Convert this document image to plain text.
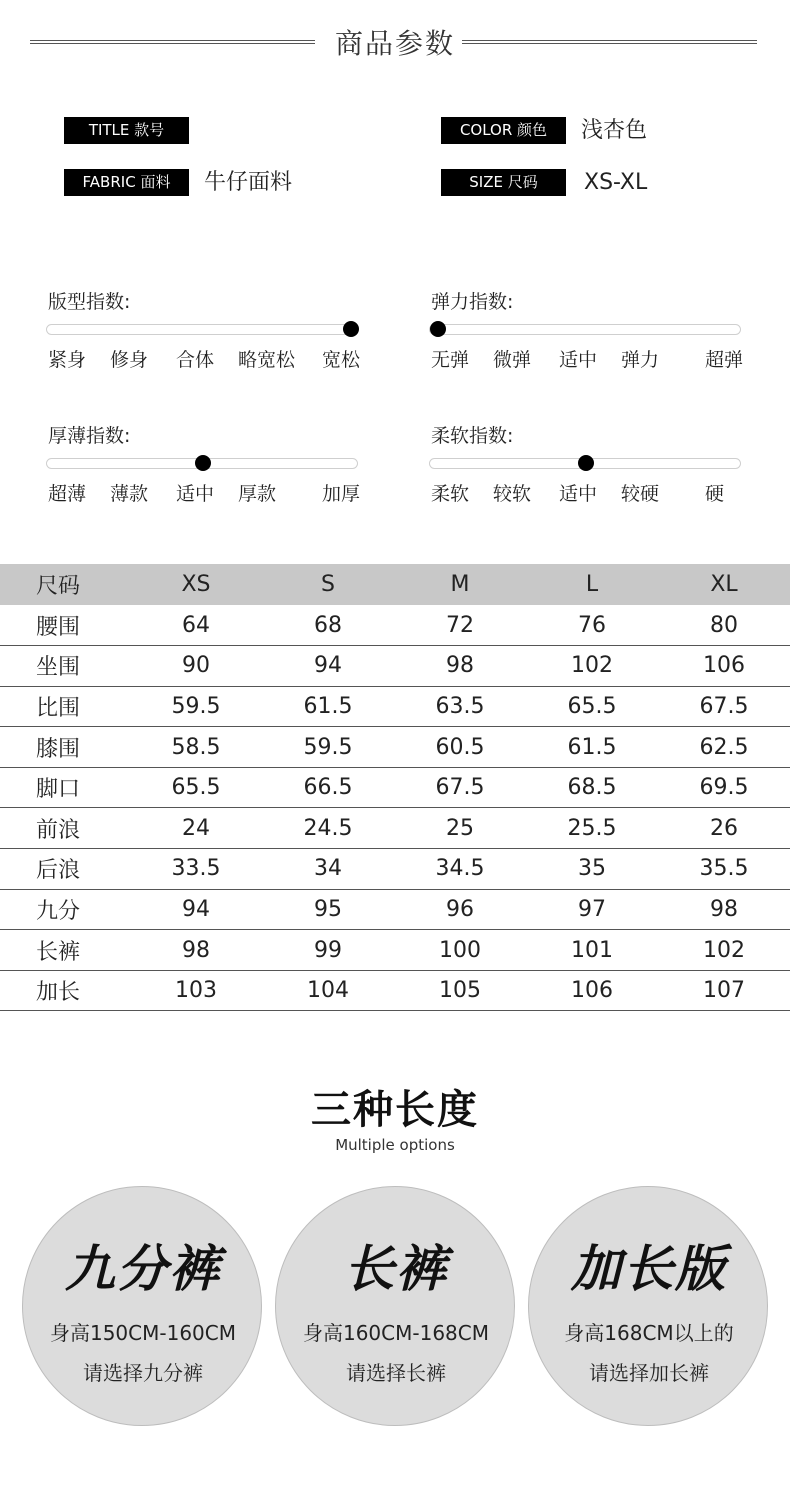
商品参数
TITLE 款号
FABRIC 面料	牛仔面料
COLOR 颜色	浅杏色
SIZE 尺码	XS-XL
版型指数:
紧身 修身 合体 略宽松 宽松
弹力指数:
无弹 微弹 适中 弹力 超弹
厚薄指数:
超薄 薄款 适中 厚款 加厚
柔软指数:
柔软 较软 适中 较硬 硬
尺码	XS	S	M	L	XL
腰围	64	68	72	76	80
坐围	90	94	98	102	106
比围	59.5	61.5	63.5	65.5	67.5
膝围	58.5	59.5	60.5	61.5	62.5
脚口	65.5	66.5	67.5	68.5	69.5
前浪	24	24.5	25	25.5	26
后浪	33.5	34	34.5	35	35.5
九分	94	95	96	97	98
长裤	98	99	100	101	102
加长	103	104	105	106	107
三种长度
Multiple options
九分裤
身高150CM-160CM
请选择九分裤
长裤
身高160CM-168CM
请选择长裤
加长版
身高168CM以上的
请选择加长裤
